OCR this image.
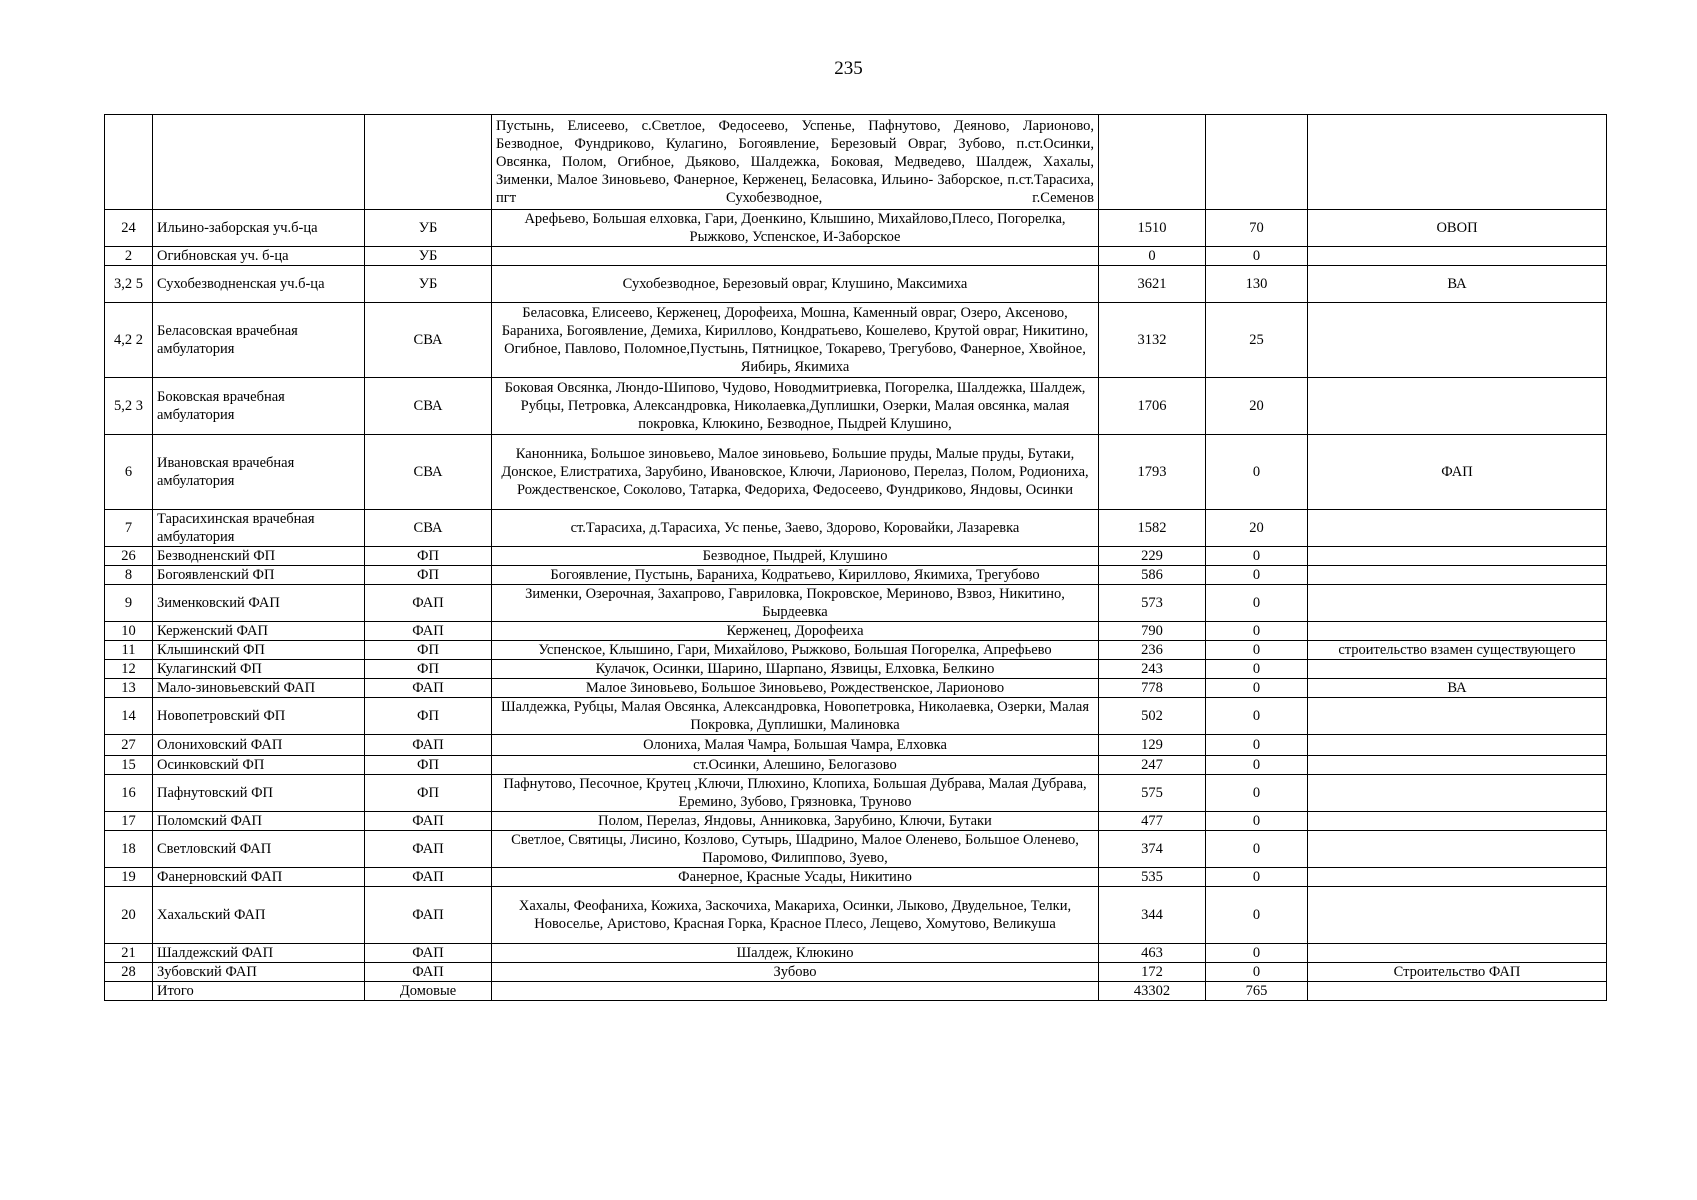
235
			Пустынь, Елисеево, с.Светлое, Федосеево, Успенье, Пафнутово, Деяново, Ларионово, Безводное, Фундриково, Кулагино, Богоявление, Березовый Овраг, Зубово, п.ст.Осинки, Овсянка, Полом, Огибное, Дьяково, Шалдежка, Боковая, Медведево, Шалдеж, Хахалы, Зименки, Малое Зиновьево, Фанерное, Керженец, Беласовка, Ильино- Заборское, п.ст.Тарасиха, пгт Сухобезводное, г.Семенов			
24	Ильино-заборская уч.б-ца	УБ	Арефьево, Большая елховка, Гари, Доенкино, Клышино, Михайлово,Плесо, Погорелка, Рыжково, Успенское, И-Заборское	1510	70	ОВОП
2	Огибновская уч. б-ца	УБ		0	0	
3,2 5	Сухобезводненская уч.б-ца	УБ	Сухобезводное, Березовый овраг, Клушино, Максимиха	3621	130	ВА
4,2 2	Беласовская врачебная амбулатория	СВА	Беласовка, Елисеево, Керженец, Дорофеиха, Мошна, Каменный овраг, Озеро, Аксеново, Бараниха, Богоявление, Демиха, Кириллово, Кондратьево, Кошелево, Крутой овраг, Никитино, Огибное, Павлово, Поломное,Пустынь, Пятницкое, Токарево, Трегубово, Фанерное, Хвойное, Яибирь, Якимиха	3132	25	
5,2 3	Боковская врачебная амбулатория	СВА	Боковая Овсянка, Люндо-Шипово, Чудово, Новодмитриевка, Погорелка, Шалдежка, Шалдеж, Рубцы, Петровка, Александровка, Николаевка,Дуплишки, Озерки, Малая овсянка, малая покровка, Клюкино, Безводное, Пыдрей Клушино,	1706	20	
6	Ивановская врачебная амбулатория	СВА	Канонника, Большое зиновьево, Малое зиновьево, Большие пруды, Малые пруды, Бутаки, Донское, Елистратиха, Зарубино, Ивановское, Ключи, Ларионово, Перелаз, Полом, Родиониха, Рождественское, Соколово, Татарка, Федориха, Федосеево, Фундриково, Яндовы, Осинки	1793	0	ФАП
7	Тарасихинская врачебная амбулатория	СВА	ст.Тарасиха, д.Тарасиха, Ус пенье, Заево, Здорово, Коровайки, Лазаревка	1582	20	
26	Безводненский ФП	ФП	Безводное, Пыдрей, Клушино	229	0	
8	Богоявленский ФП	ФП	Богоявление, Пустынь, Бараниха, Кодратьево, Кириллово, Якимиха, Трегубово	586	0	
9	Зименковский ФАП	ФАП	Зименки, Озерочная, Захапрово, Гавриловка, Покровское, Мериново, Взвоз, Никитино, Бырдеевка	573	0	
10	Керженский ФАП	ФАП	Керженец, Дорофеиха	790	0	
11	Клышинский ФП	ФП	Успенское, Клышино, Гари, Михайлово, Рыжково, Большая Погорелка, Апрефьево	236	0	строительство взамен существующего
12	Кулагинский ФП	ФП	Кулачок, Осинки, Шарино, Шарпано, Язвицы, Елховка, Белкино	243	0	
13	Мало-зиновьевский ФАП	ФАП	Малое Зиновьево, Большое Зиновьево, Рождественское, Ларионово	778	0	ВА
14	Новопетровский ФП	ФП	Шалдежка, Рубцы, Малая Овсянка, Александровка, Новопетровка, Николаевка, Озерки, Малая Покровка, Дуплишки, Малиновка	502	0	
27	Олониховский ФАП	ФАП	Олониха, Малая Чамра, Большая Чамра, Елховка	129	0	
15	Осинковский ФП	ФП	ст.Осинки, Алешино, Белогазово	247	0	
16	Пафнутовский ФП	ФП	Пафнутово, Песочное, Крутец ,Ключи, Плюхино, Клопиха, Большая Дубрава, Малая Дубрава, Еремино, Зубово, Грязновка, Труново	575	0	
17	Поломский ФАП	ФАП	Полом, Перелаз, Яндовы, Анниковка, Зарубино, Ключи, Бутаки	477	0	
18	Светловский ФАП	ФАП	Светлое, Святицы, Лисино, Козлово, Сутырь, Шадрино, Малое Оленево, Большое Оленево, Паромово, Филиппово, Зуево,	374	0	
19	Фанерновский ФАП	ФАП	Фанерное, Красные Усады, Никитино	535	0	
20	Хахальский ФАП	ФАП	Хахалы, Феофаниха, Кожиха, Заскочиха, Макариха, Осинки, Лыково, Двудельное, Телки, Новоселье, Аристово, Красная Горка, Красное Плесо, Лещево, Хомутово, Великуша	344	0	
21	Шалдежский ФАП	ФАП	Шалдеж, Клюкино	463	0	
28	Зубовский ФАП	ФАП	Зубово	172	0	Строительство ФАП
	Итого	Домовые		43302	765	
